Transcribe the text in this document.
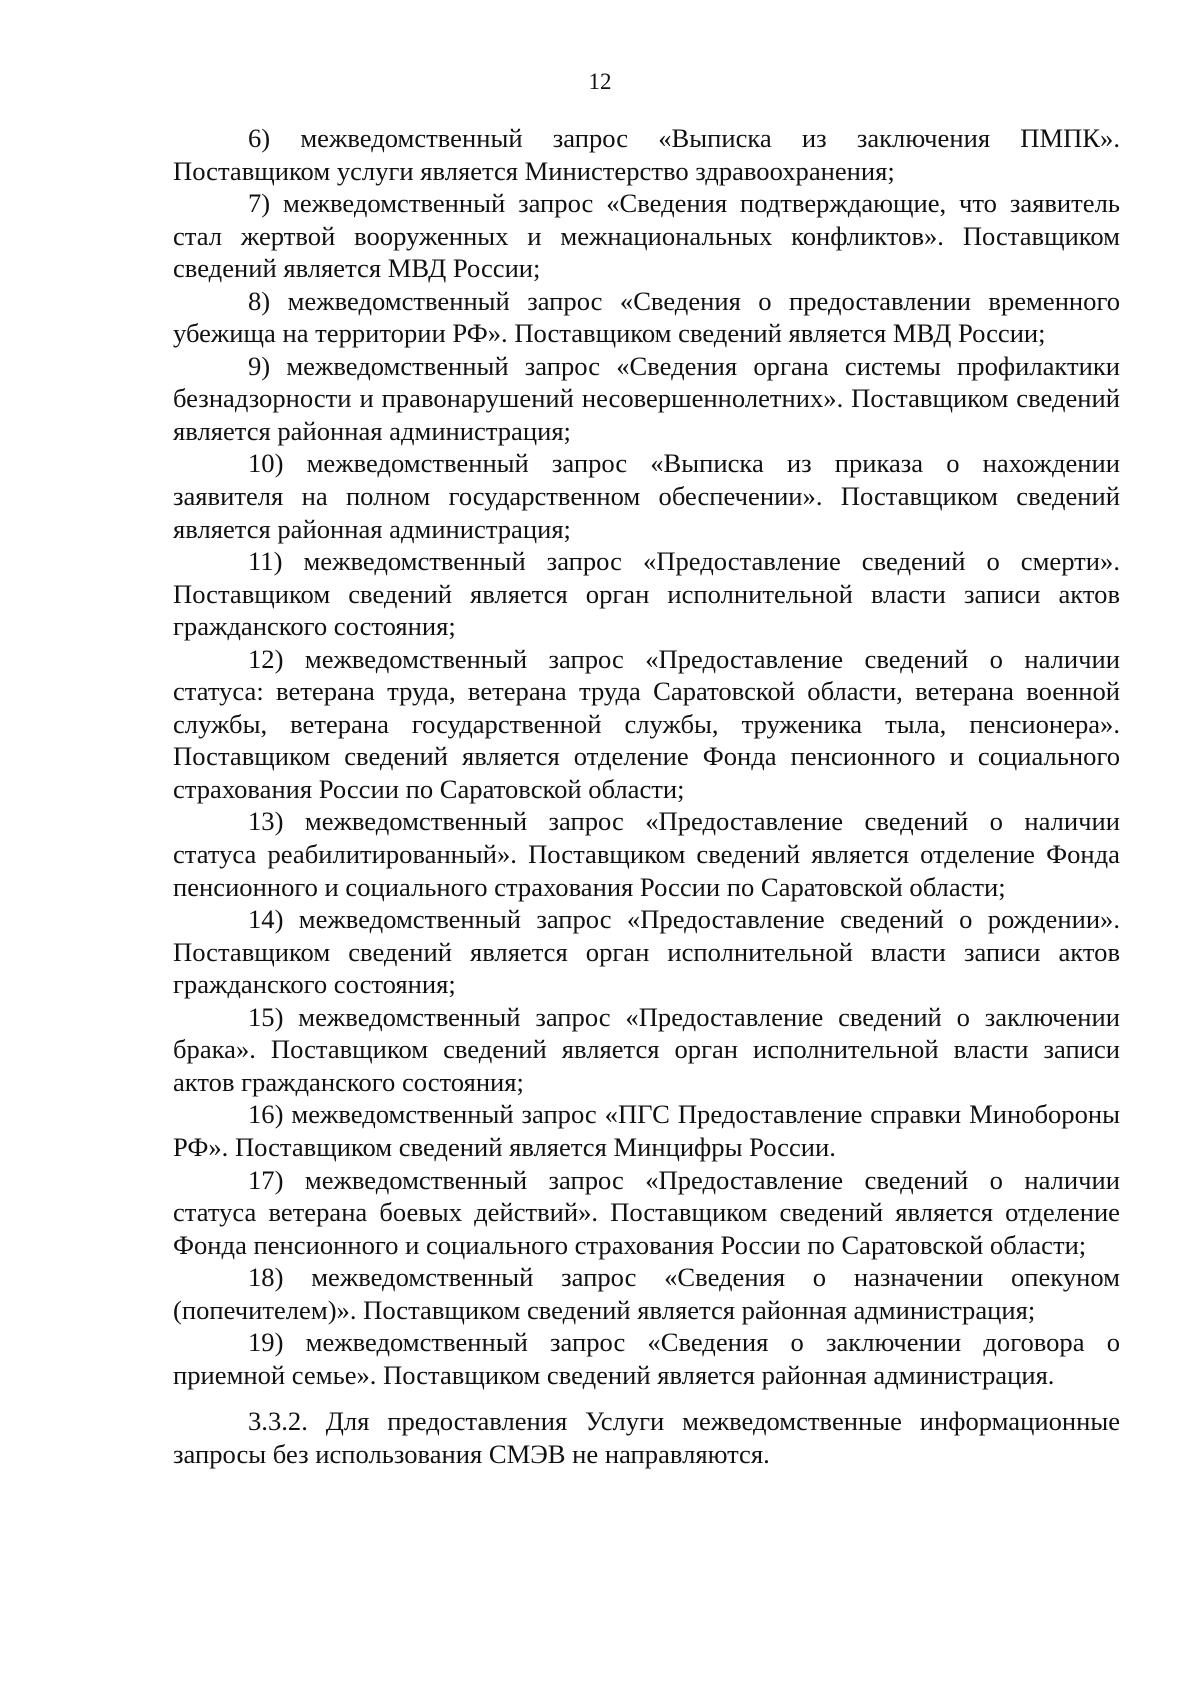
12

6) межведомственный запрос «Выписка из заключения ПМПК». Поставщиком услуги является Министерство здравоохранения;

7) межведомственный запрос «Сведения подтверждающие, что заявитель стал жертвой вооруженных и межнациональных конфликтов». Поставщиком сведений является МВД России;

8) межведомственный запрос «Сведения о предоставлении временного убежища на территории РФ». Поставщиком сведений является МВД России;

9) межведомственный запрос «Сведения органа системы профилактики безнадзорности и правонарушений несовершеннолетних». Поставщиком сведений является районная администрация;

10) межведомственный запрос «Выписка из приказа о нахождении заявителя на полном государственном обеспечении». Поставщиком сведений является районная администрация;

11) межведомственный запрос «Предоставление сведений о смерти». Поставщиком сведений является орган исполнительной власти записи актов гражданского состояния;

12) межведомственный запрос «Предоставление сведений о наличии статуса: ветерана труда, ветерана труда Саратовской области, ветерана военной службы, ветерана государственной службы, труженика тыла, пенсионера». Поставщиком сведений является отделение Фонда пенсионного и социального страхования России по Саратовской области;

13) межведомственный запрос «Предоставление сведений о наличии статуса реабилитированный». Поставщиком сведений является отделение Фонда пенсионного и социального страхования России по Саратовской области;

14) межведомственный запрос «Предоставление сведений о рождении». Поставщиком сведений является орган исполнительной власти записи актов гражданского состояния;

15) межведомственный запрос «Предоставление сведений о заключении брака». Поставщиком сведений является орган исполнительной власти записи актов гражданского состояния;

16) межведомственный запрос «ПГС Предоставление справки Минобороны РФ». Поставщиком сведений является Минцифры России.

17) межведомственный запрос «Предоставление сведений о наличии статуса ветерана боевых действий». Поставщиком сведений является отделение Фонда пенсионного и социального страхования России по Саратовской области;

18) межведомственный запрос «Сведения о назначении опекуном (попечителем)». Поставщиком сведений является районная администрация;

19) межведомственный запрос «Сведения о заключении договора о приемной семье». Поставщиком сведений является районная администрация.

3.3.2. Для предоставления Услуги межведомственные информационные запросы без использования СМЭВ не направляются.
